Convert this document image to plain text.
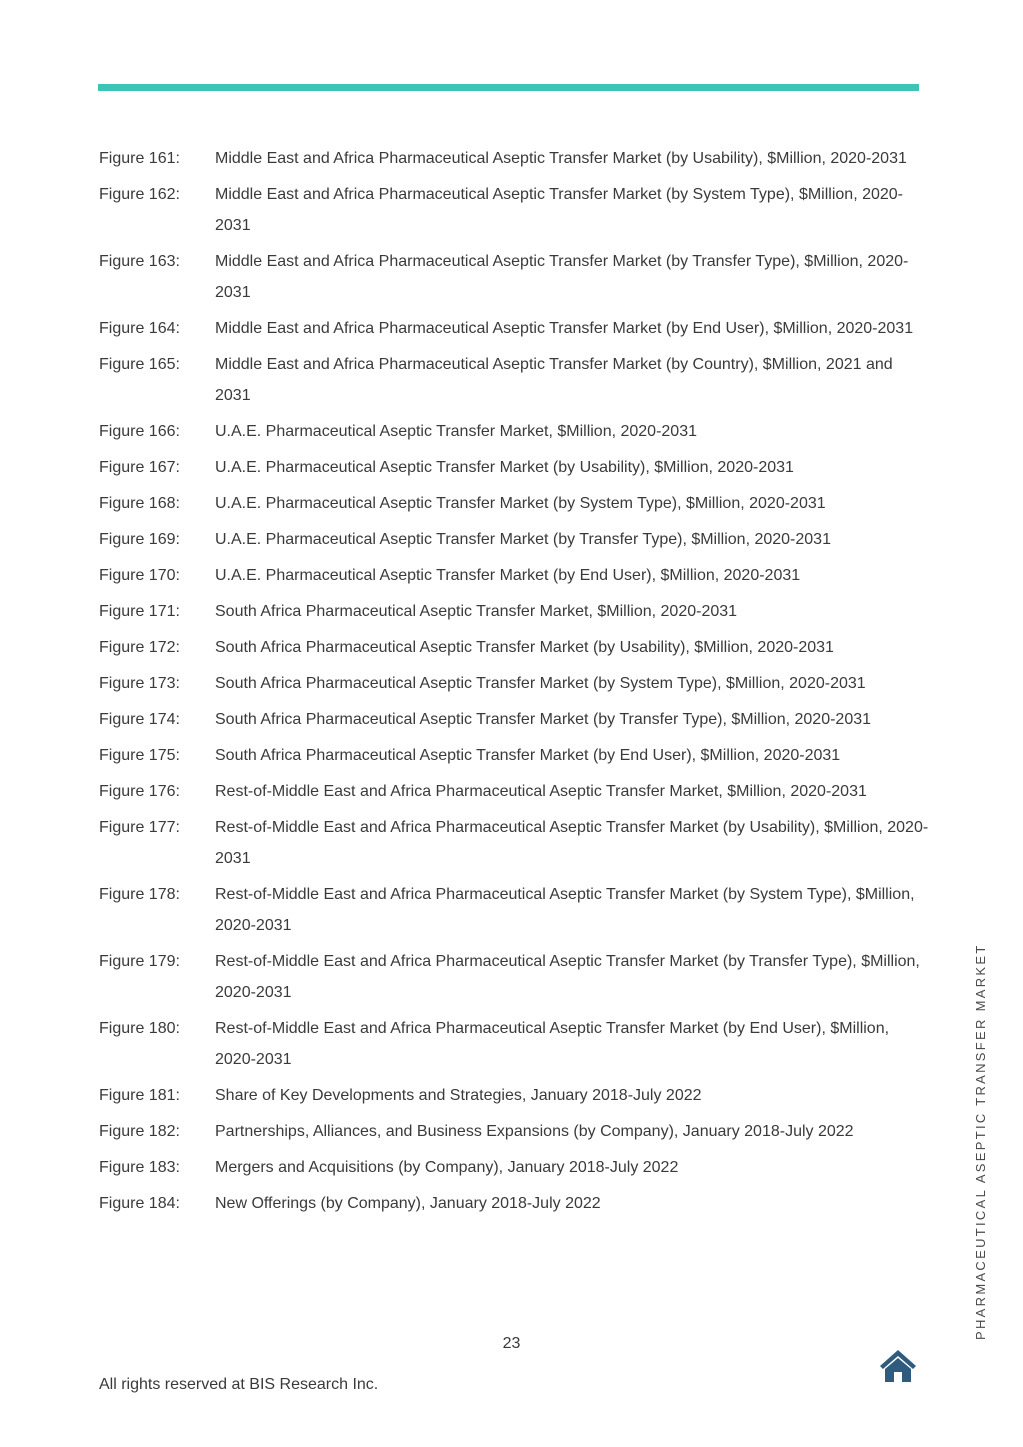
Figure 161:	Middle East and Africa Pharmaceutical Aseptic Transfer Market (by Usability), $Million, 2020-2031
Figure 162:	Middle East and Africa Pharmaceutical Aseptic Transfer Market (by System Type), $Million, 2020-2031
Figure 163:	Middle East and Africa Pharmaceutical Aseptic Transfer Market (by Transfer Type), $Million, 2020-2031
Figure 164:	Middle East and Africa Pharmaceutical Aseptic Transfer Market (by End User), $Million, 2020-2031
Figure 165:	Middle East and Africa Pharmaceutical Aseptic Transfer Market (by Country), $Million, 2021 and 2031
Figure 166:	U.A.E. Pharmaceutical Aseptic Transfer Market, $Million, 2020-2031
Figure 167:	U.A.E. Pharmaceutical Aseptic Transfer Market (by Usability), $Million, 2020-2031
Figure 168:	U.A.E. Pharmaceutical Aseptic Transfer Market (by System Type), $Million, 2020-2031
Figure 169:	U.A.E. Pharmaceutical Aseptic Transfer Market (by Transfer Type), $Million, 2020-2031
Figure 170:	U.A.E. Pharmaceutical Aseptic Transfer Market (by End User), $Million, 2020-2031
Figure 171:	South Africa Pharmaceutical Aseptic Transfer Market, $Million, 2020-2031
Figure 172:	South Africa Pharmaceutical Aseptic Transfer Market (by Usability), $Million, 2020-2031
Figure 173:	South Africa Pharmaceutical Aseptic Transfer Market (by System Type), $Million, 2020-2031
Figure 174:	South Africa Pharmaceutical Aseptic Transfer Market (by Transfer Type), $Million, 2020-2031
Figure 175:	South Africa Pharmaceutical Aseptic Transfer Market (by End User), $Million, 2020-2031
Figure 176:	Rest-of-Middle East and Africa Pharmaceutical Aseptic Transfer Market, $Million, 2020-2031
Figure 177:	Rest-of-Middle East and Africa Pharmaceutical Aseptic Transfer Market (by Usability), $Million, 2020-2031
Figure 178:	Rest-of-Middle East and Africa Pharmaceutical Aseptic Transfer Market (by System Type), $Million, 2020-2031
Figure 179:	Rest-of-Middle East and Africa Pharmaceutical Aseptic Transfer Market (by Transfer Type), $Million, 2020-2031
Figure 180:	Rest-of-Middle East and Africa Pharmaceutical Aseptic Transfer Market (by End User), $Million, 2020-2031
Figure 181:	Share of Key Developments and Strategies, January 2018-July 2022
Figure 182:	Partnerships, Alliances, and Business Expansions (by Company), January 2018-July 2022
Figure 183:	Mergers and Acquisitions (by Company), January 2018-July 2022
Figure 184:	New Offerings (by Company), January 2018-July 2022
23
All rights reserved at BIS Research Inc.
PHARMACEUTICAL ASEPTIC TRANSFER MARKET
